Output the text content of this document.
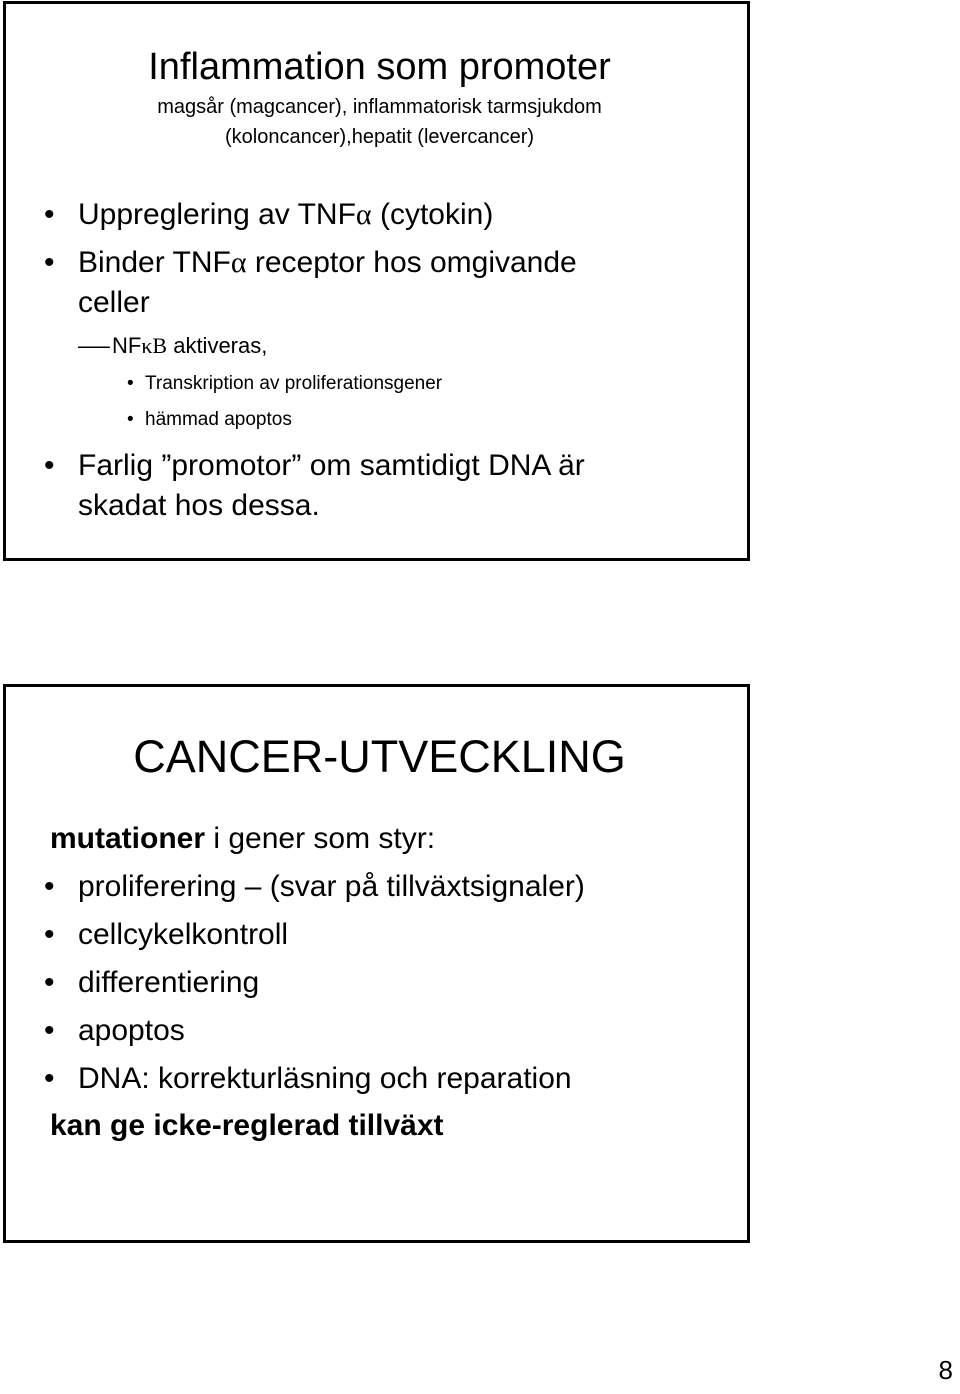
Inflammation som promoter
magsår (magcancer), inflammatorisk tarmsjukdom
(koloncancer),hepatit (levercancer)
• Uppreglering av TNFα (cytokin)
• Binder TNFα receptor hos omgivande
celler
– NFκB aktiveras,
• Transkription av proliferationsgener
• hämmad apoptos
• Farlig ”promotor” om samtidigt DNA är
skadat hos dessa.
CANCER-UTVECKLING
mutationer i gener som styr:
• proliferering – (svar på tillväxtsignaler)
• cellcykelkontroll
• differentiering
• apoptos
• DNA: korrekturläsning och reparation
kan ge icke-reglerad tillväxt
8
